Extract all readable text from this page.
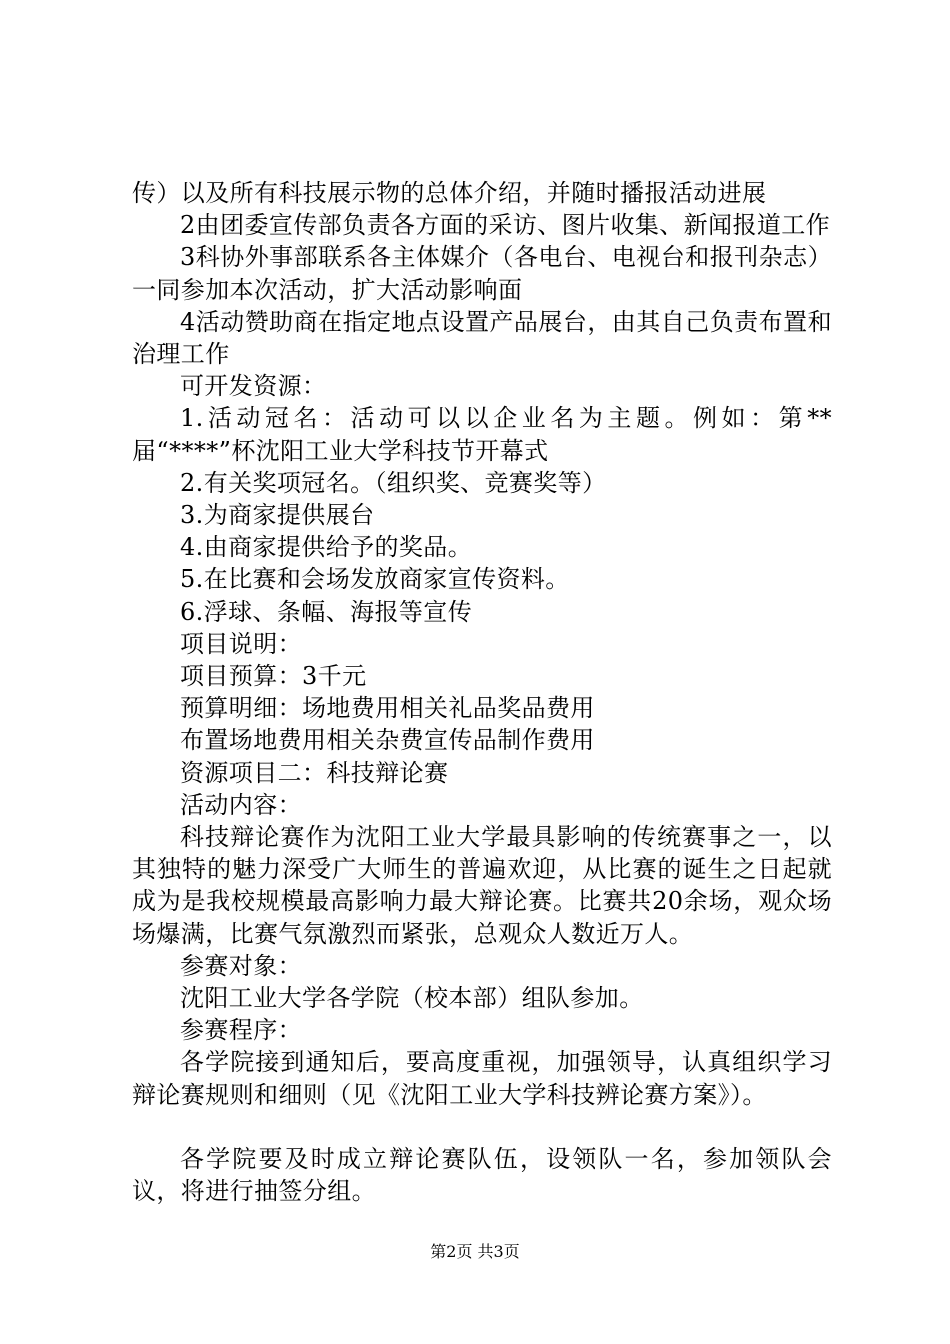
传）以及所有科技展示物的总体介绍，并随时播报活动进展

2由团委宣传部负责各方面的采访、图片收集、新闻报道工作

3科协外事部联系各主体媒介（各电台、电视台和报刊杂志）一同参加本次活动，扩大活动影响面

4活动赞助商在指定地点设置产品展台，由其自己负责布置和治理工作

可开发资源：

1.活动冠名：活动可以以企业名为主题。例如：第**届“****”杯沈阳工业大学科技节开幕式

2.有关奖项冠名。（组织奖、竞赛奖等）

3.为商家提供展台

4.由商家提供给予的奖品。

5.在比赛和会场发放商家宣传资料。

6.浮球、条幅、海报等宣传

项目说明：

项目预算：3千元

预算明细：场地费用相关礼品奖品费用

布置场地费用相关杂费宣传品制作费用

资源项目二：科技辩论赛

活动内容：

科技辩论赛作为沈阳工业大学最具影响的传统赛事之一，以其独特的魅力深受广大师生的普遍欢迎，从比赛的诞生之日起就成为是我校规模最高影响力最大辩论赛。比赛共20余场，观众场场爆满，比赛气氛激烈而紧张，总观众人数近万人。

参赛对象：

沈阳工业大学各学院（校本部）组队参加。

参赛程序：

各学院接到通知后，要高度重视，加强领导，认真组织学习辩论赛规则和细则（见《沈阳工业大学科技辨论赛方案》）。

各学院要及时成立辩论赛队伍，设领队一名，参加领队会议，将进行抽签分组。

第2页 共3页
